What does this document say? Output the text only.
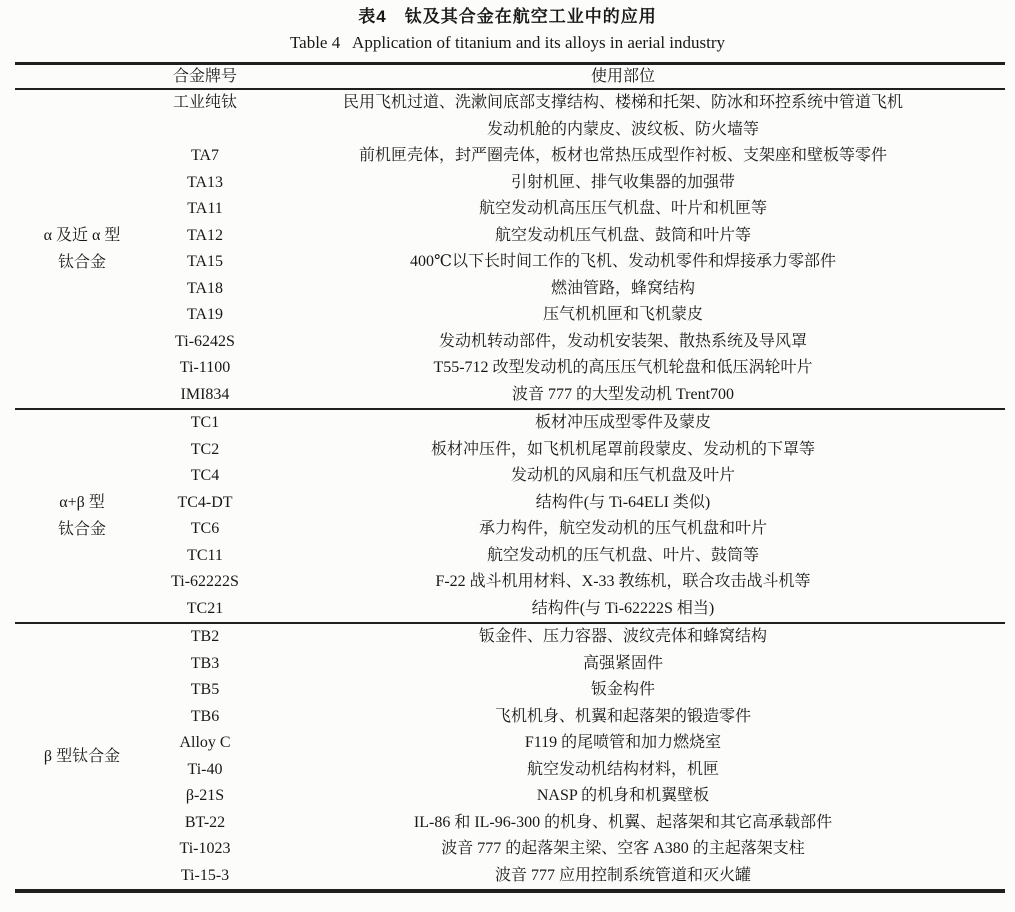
表4　钛及其合金在航空工业中的应用
Table 4   Application of titanium and its alloys in aerial industry
合金牌号	使用部位
α 及近 α 型
钛合金
工业纯钛	民用飞机过道、洗漱间底部支撑结构、楼梯和托架、防冰和环控系统中管道飞机
发动机舱的内蒙皮、波纹板、防火墙等
TA7	前机匣壳体，封严圈壳体，板材也常热压成型作衬板、支架座和壁板等零件
TA13	引射机匣、排气收集器的加强带
TA11	航空发动机高压压气机盘、叶片和机匣等
TA12	航空发动机压气机盘、鼓筒和叶片等
TA15	400℃以下长时间工作的飞机、发动机零件和焊接承力零部件
TA18	燃油管路，蜂窝结构
TA19	压气机机匣和飞机蒙皮
Ti-6242S	发动机转动部件，发动机安装架、散热系统及导风罩
Ti-1100	T55-712 改型发动机的高压压气机轮盘和低压涡轮叶片
IMI834	波音 777 的大型发动机 Trent700
α+β 型
钛合金
TC1	板材冲压成型零件及蒙皮
TC2	板材冲压件，如飞机机尾罩前段蒙皮、发动机的下罩等
TC4	发动机的风扇和压气机盘及叶片
TC4-DT	结构件(与 Ti-64ELI 类似)
TC6	承力构件，航空发动机的压气机盘和叶片
TC11	航空发动机的压气机盘、叶片、鼓筒等
Ti-62222S	F-22 战斗机用材料、X-33 教练机，联合攻击战斗机等
TC21	结构件(与 Ti-62222S 相当)
β 型钛合金
TB2	钣金件、压力容器、波纹壳体和蜂窝结构
TB3	高强紧固件
TB5	钣金构件
TB6	飞机机身、机翼和起落架的锻造零件
Alloy C	F119 的尾喷管和加力燃烧室
Ti-40	航空发动机结构材料，机匣
β-21S	NASP 的机身和机翼壁板
BT-22	IL-86 和 IL-96-300 的机身、机翼、起落架和其它高承载部件
Ti-1023	波音 777 的起落架主梁、空客 A380 的主起落架支柱
Ti-15-3	波音 777 应用控制系统管道和灭火罐
